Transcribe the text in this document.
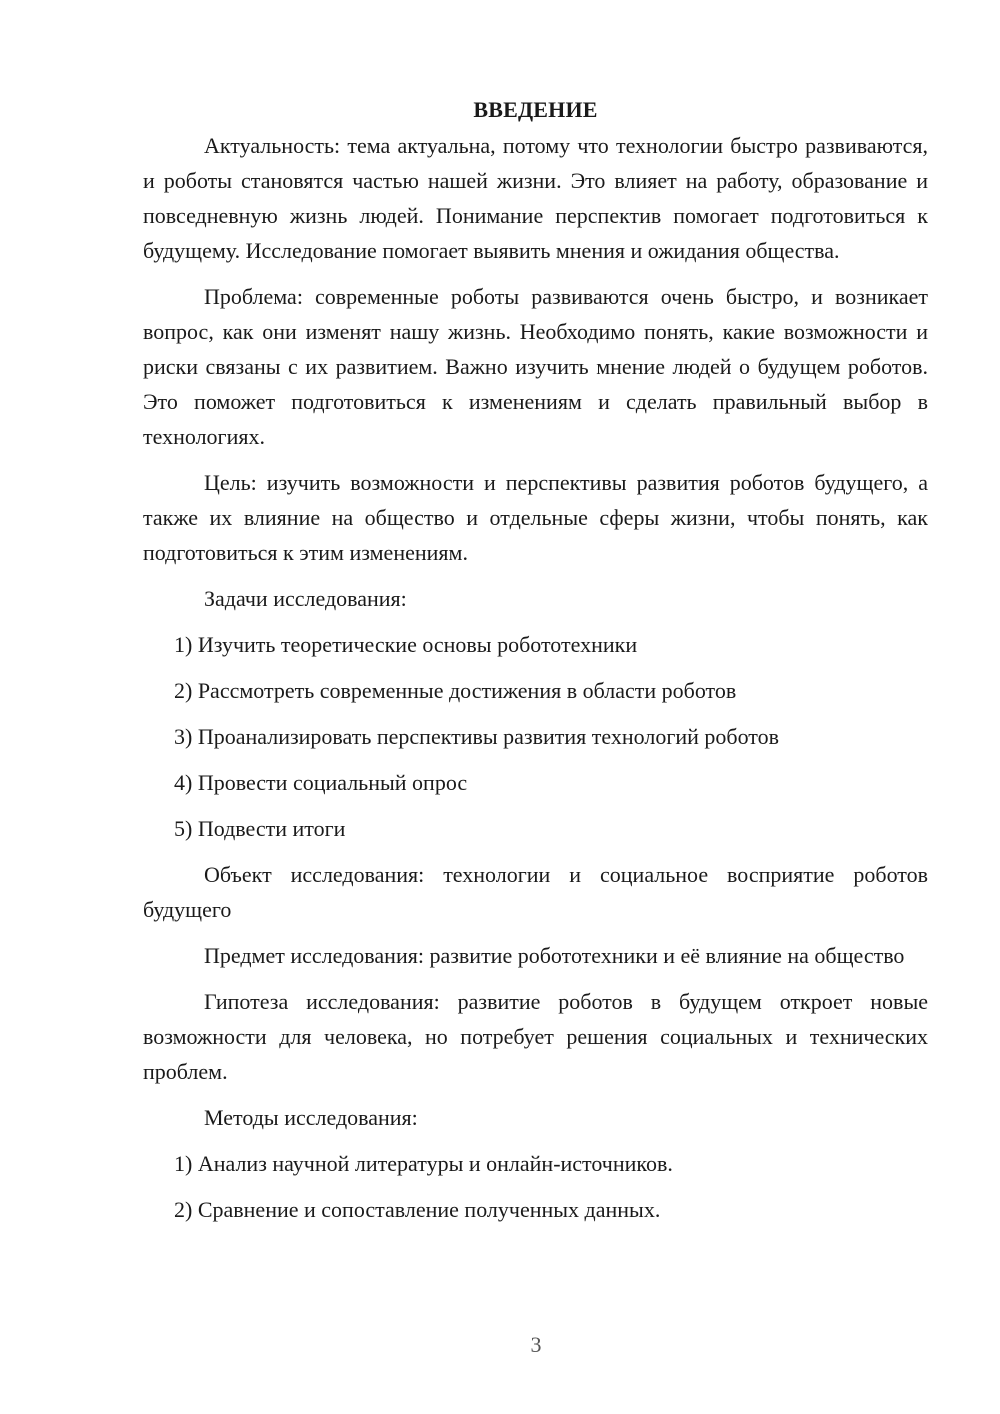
ВВЕДЕНИЕ

Актуальность: тема актуальна, потому что технологии быстро развиваются, и роботы становятся частью нашей жизни. Это влияет на работу, образование и повседневную жизнь людей. Понимание перспектив помогает подготовиться к будущему. Исследование помогает выявить мнения и ожидания общества.

Проблема: современные роботы развиваются очень быстро, и возникает вопрос, как они изменят нашу жизнь. Необходимо понять, какие возможности и риски связаны с их развитием. Важно изучить мнение людей о будущем роботов. Это поможет подготовиться к изменениям и сделать правильный выбор в технологиях.

Цель: изучить возможности и перспективы развития роботов будущего, а также их влияние на общество и отдельные сферы жизни, чтобы понять, как подготовиться к этим изменениям.

Задачи исследования:

1) Изучить теоретические основы робототехники
2) Рассмотреть современные достижения в области роботов
3) Проанализировать перспективы развития технологий роботов
4) Провести социальный опрос
5) Подвести итоги

Объект исследования: технологии и социальное восприятие роботов будущего

Предмет исследования: развитие робототехники и её влияние на общество

Гипотеза исследования: развитие роботов в будущем откроет новые возможности для человека, но потребует решения социальных и технических проблем.

Методы исследования:

1) Анализ научной литературы и онлайн-источников.
2) Сравнение и сопоставление полученных данных.
3
